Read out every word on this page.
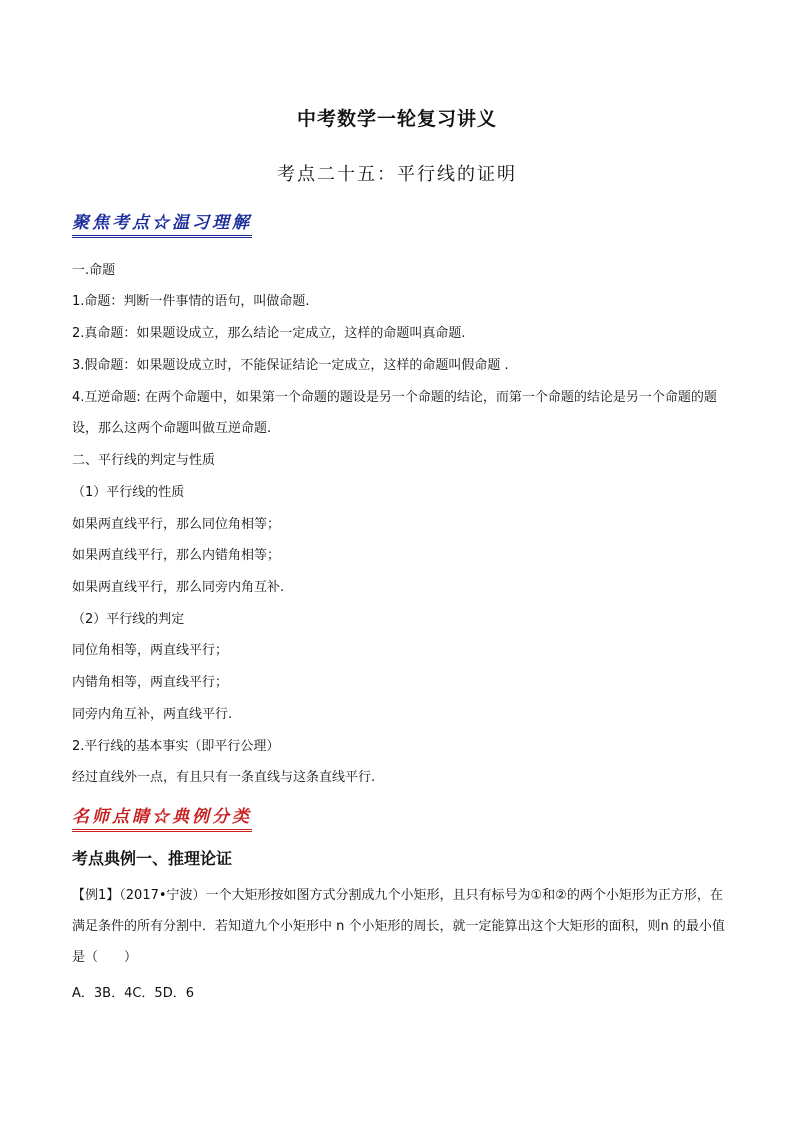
中考数学一轮复习讲义
考点二十五：平行线的证明
聚焦考点☆温习理解
一.命题
1.命题：判断一件事情的语句，叫做命题.
2.真命题：如果题设成立，那么结论一定成立，这样的命题叫真命题.
3.假命题：如果题设成立时，不能保证结论一定成立，这样的命题叫假命题 .
4.互逆命题: 在两个命题中，如果第一个命题的题设是另一个命题的结论，而第一个命题的结论是另一个命题的题设，那么这两个命题叫做互逆命题.
二、平行线的判定与性质
（1）平行线的性质
如果两直线平行，那么同位角相等；
如果两直线平行，那么内错角相等；
如果两直线平行，那么同旁内角互补.
（2）平行线的判定
同位角相等，两直线平行；
内错角相等，两直线平行；
同旁内角互补，两直线平行.
2.平行线的基本事实（即平行公理）
经过直线外一点，有且只有一条直线与这条直线平行.
名师点睛☆典例分类
考点典例一、推理论证
【例1】（2017•宁波）一个大矩形按如图方式分割成九个小矩形，且只有标号为①和②的两个小矩形为正方形，在满足条件的所有分割中．若知道九个小矩形中 n 个小矩形的周长，就一定能算出这个大矩形的面积，则n 的最小值是（　　）
A．3B．4C．5D．6
